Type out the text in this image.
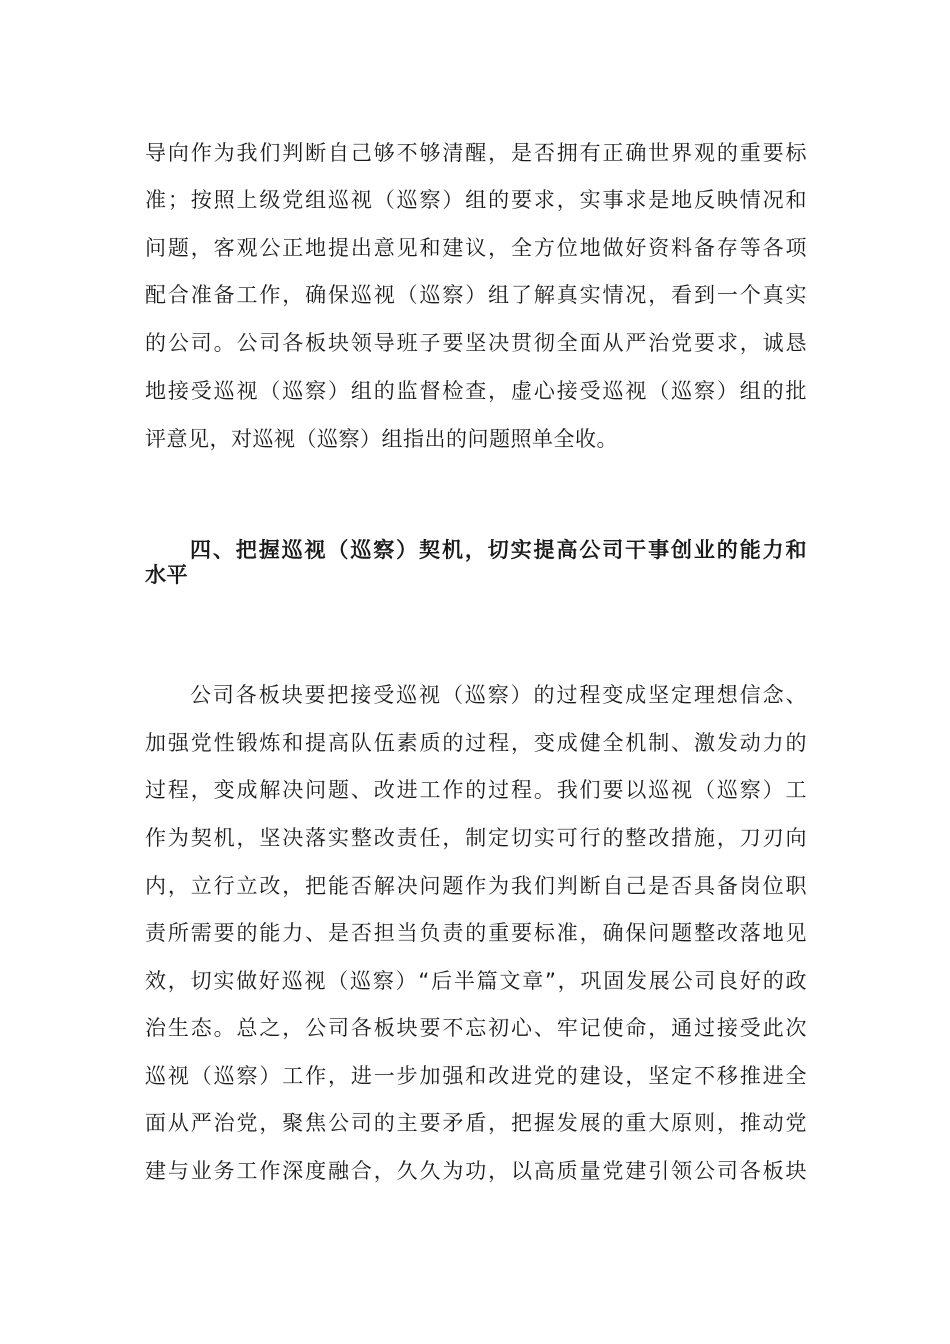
导向作为我们判断自己够不够清醒，是否拥有正确世界观的重要标
准；按照上级党组巡视（巡察）组的要求，实事求是地反映情况和
问题，客观公正地提出意见和建议，全方位地做好资料备存等各项
配合准备工作，确保巡视（巡察）组了解真实情况，看到一个真实
的公司。公司各板块领导班子要坚决贯彻全面从严治党要求，诚恳
地接受巡视（巡察）组的监督检查，虚心接受巡视（巡察）组的批
评意见，对巡视（巡察）组指出的问题照单全收。
四、把握巡视（巡察）契机，切实提高公司干事创业的能力和
水平
公司各板块要把接受巡视（巡察）的过程变成坚定理想信念、
加强党性锻炼和提高队伍素质的过程，变成健全机制、激发动力的
过程，变成解决问题、改进工作的过程。我们要以巡视（巡察）工
作为契机，坚决落实整改责任，制定切实可行的整改措施，刀刃向
内，立行立改，把能否解决问题作为我们判断自己是否具备岗位职
责所需要的能力、是否担当负责的重要标准，确保问题整改落地见
效，切实做好巡视（巡察）“后半篇文章”，巩固发展公司良好的政
治生态。总之，公司各板块要不忘初心、牢记使命，通过接受此次
巡视（巡察）工作，进一步加强和改进党的建设，坚定不移推进全
面从严治党，聚焦公司的主要矛盾，把握发展的重大原则，推动党
建与业务工作深度融合，久久为功，以高质量党建引领公司各板块
